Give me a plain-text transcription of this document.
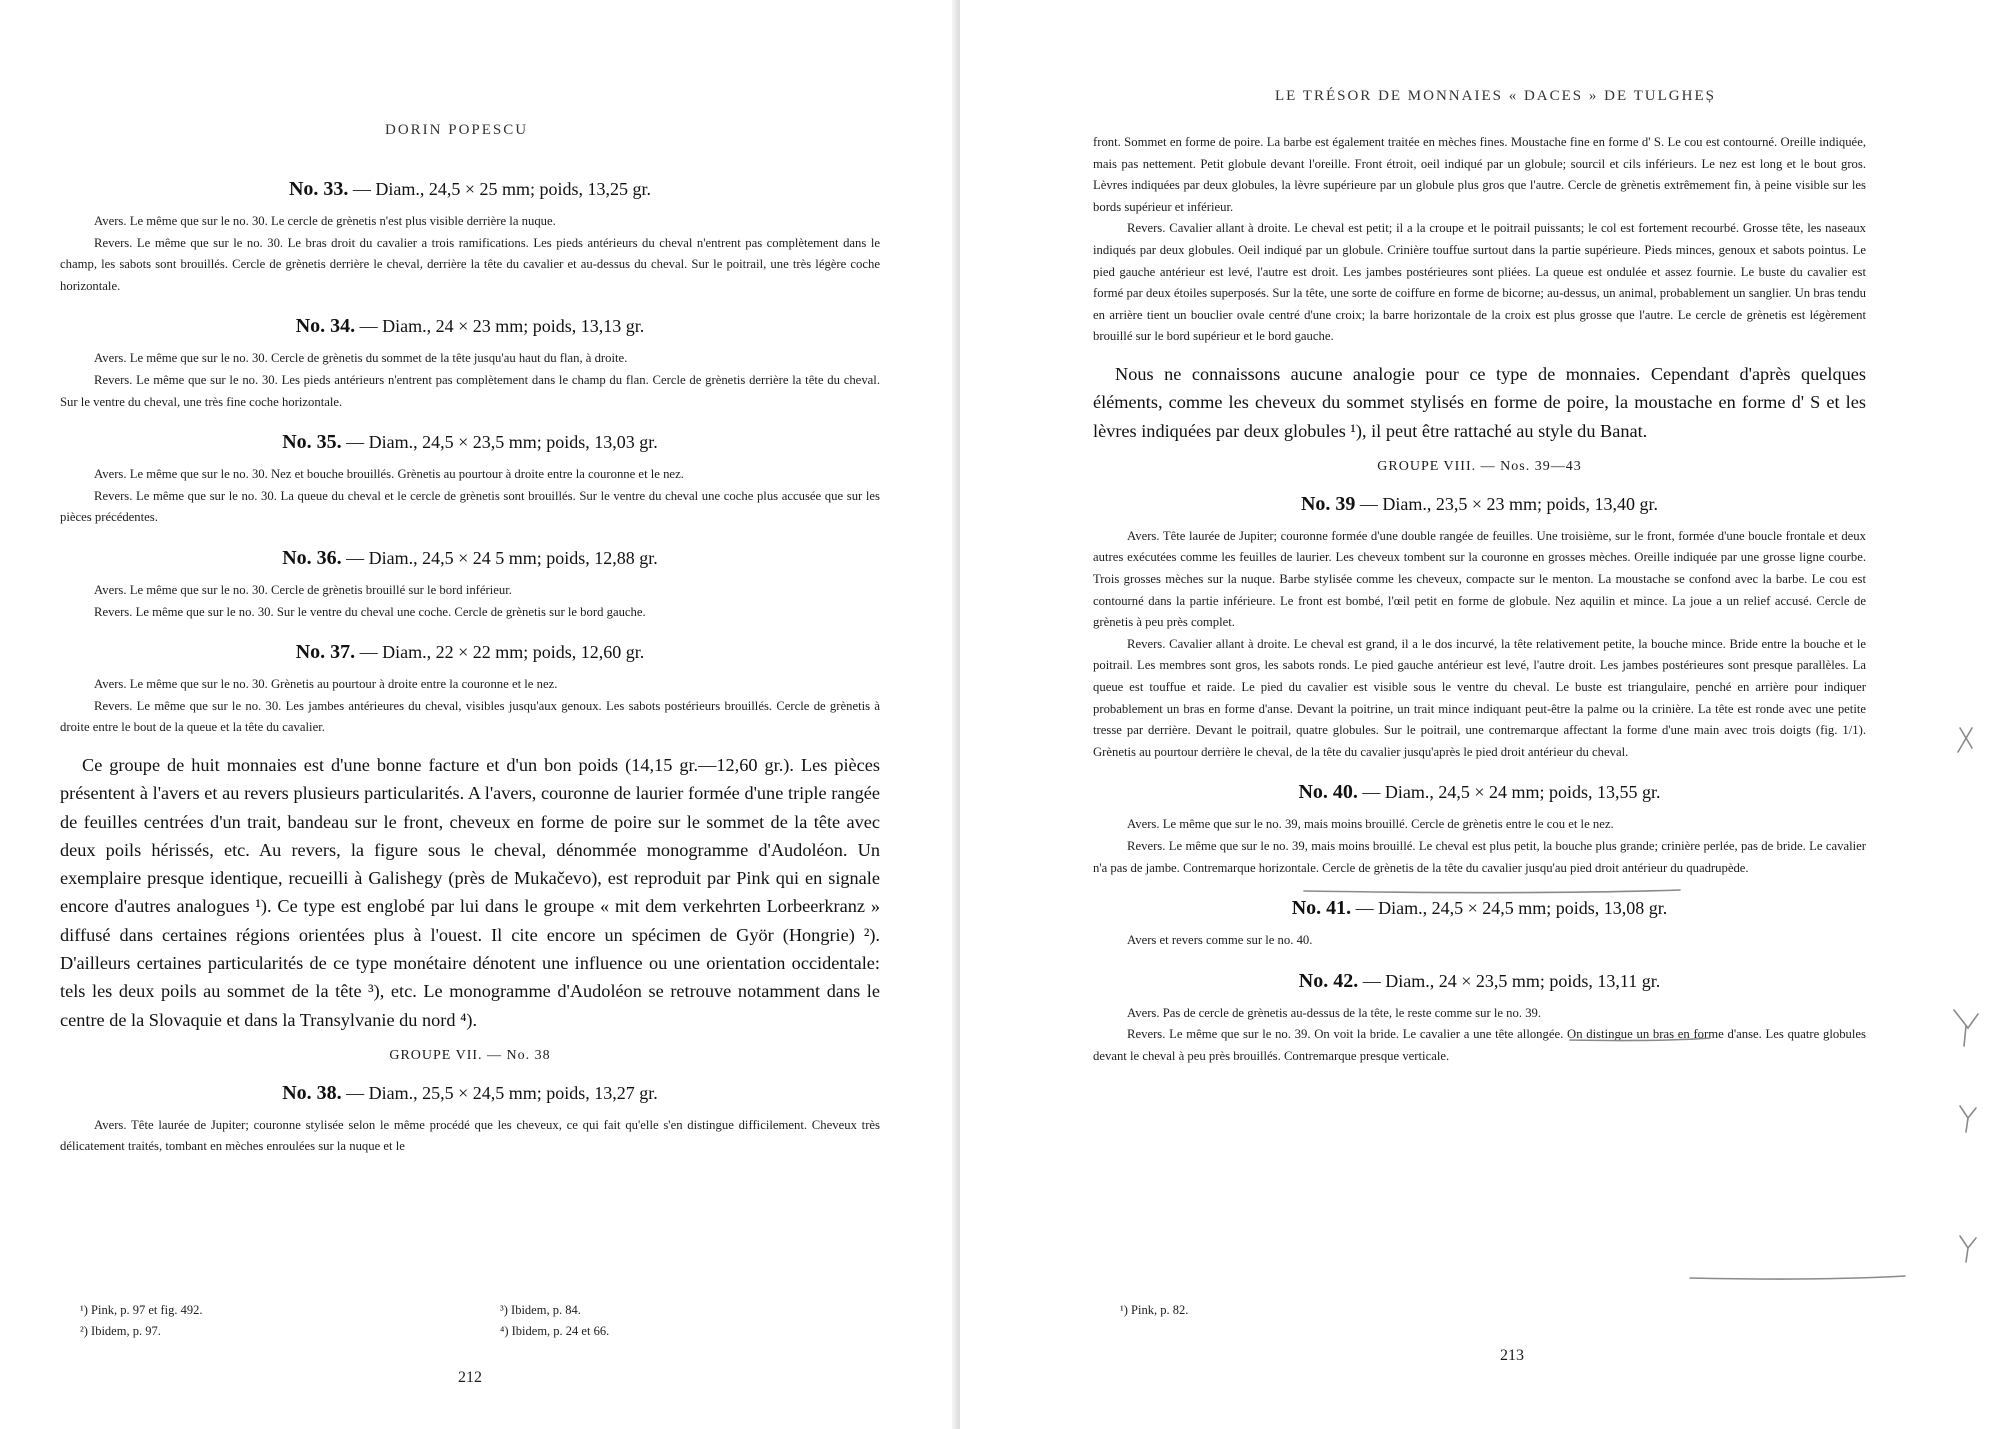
DORIN POPESCU
No. 33. — Diam., 24,5 × 25 mm; poids, 13,25 gr.

Avers. Le même que sur le no. 30. Le cercle de grènetis n'est plus visible derrière la nuque.

Revers. Le même que sur le no. 30. Le bras droit du cavalier a trois ramifications. Les pieds antérieurs du cheval n'entrent pas complètement dans le champ, les sabots sont brouillés. Cercle de grènetis derrière le cheval, derrière la tête du cavalier et au-dessus du cheval. Sur le poitrail, une très légère coche horizontale.

No. 34. — Diam., 24 × 23 mm; poids, 13,13 gr.

Avers. Le même que sur le no. 30. Cercle de grènetis du sommet de la tête jusqu'au haut du flan, à droite.

Revers. Le même que sur le no. 30. Les pieds antérieurs n'entrent pas complètement dans le champ du flan. Cercle de grènetis derrière la tête du cheval. Sur le ventre du cheval, une très fine coche horizontale.

No. 35. — Diam., 24,5 × 23,5 mm; poids, 13,03 gr.

Avers. Le même que sur le no. 30. Nez et bouche brouillés. Grènetis au pourtour à droite entre la couronne et le nez.

Revers. Le même que sur le no. 30. La queue du cheval et le cercle de grènetis sont brouillés. Sur le ventre du cheval une coche plus accusée que sur les pièces précédentes.

No. 36. — Diam., 24,5 × 24 5 mm; poids, 12,88 gr.

Avers. Le même que sur le no. 30. Cercle de grènetis brouillé sur le bord inférieur.

Revers. Le même que sur le no. 30. Sur le ventre du cheval une coche. Cercle de grènetis sur le bord gauche.

No. 37. — Diam., 22 × 22 mm; poids, 12,60 gr.

Avers. Le même que sur le no. 30. Grènetis au pourtour à droite entre la couronne et le nez.

Revers. Le même que sur le no. 30. Les jambes antérieures du cheval, visibles jusqu'aux genoux. Les sabots postérieurs brouillés. Cercle de grènetis à droite entre le bout de la queue et la tête du cavalier.

Ce groupe de huit monnaies est d'une bonne facture et d'un bon poids (14,15 gr.—12,60 gr.). Les pièces présentent à l'avers et au revers plusieurs particularités. A l'avers, couronne de laurier formée d'une triple rangée de feuilles centrées d'un trait, bandeau sur le front, cheveux en forme de poire sur le sommet de la tête avec deux poils hérissés, etc. Au revers, la figure sous le cheval, dénommée monogramme d'Audoléon. Un exemplaire presque identique, recueilli à Galishegy (près de Mukačevo), est reproduit par Pink qui en signale encore d'autres analogues ¹). Ce type est englobé par lui dans le groupe « mit dem verkehrten Lorbeerkranz » diffusé dans certaines régions orientées plus à l'ouest. Il cite encore un spécimen de Györ (Hongrie) ²). D'ailleurs certaines particularités de ce type monétaire dénotent une influence ou une orientation occidentale: tels les deux poils au sommet de la tête ³), etc. Le monogramme d'Audoléon se retrouve notamment dans le centre de la Slovaquie et dans la Transylvanie du nord ⁴).

GROUPE VII. — No. 38
No. 38. — Diam., 25,5 × 24,5 mm; poids, 13,27 gr.

Avers. Tête laurée de Jupiter; couronne stylisée selon le même procédé que les cheveux, ce qui fait qu'elle s'en distingue difficilement. Cheveux très délicatement traités, tombant en mèches enroulées sur la nuque et le

¹) Pink, p. 97 et fig. 492.
²) Ibidem, p. 97.
³) Ibidem, p. 84.
⁴) Ibidem, p. 24 et 66.
212
LE TRÉSOR DE MONNAIES « DACES » DE TULGHEȘ
front. Sommet en forme de poire. La barbe est également traitée en mèches fines. Moustache fine en forme d' S. Le cou est contourné. Oreille indiquée, mais pas nettement. Petit globule devant l'oreille. Front étroit, oeil indiqué par un globule; sourcil et cils inférieurs. Le nez est long et le bout gros. Lèvres indiquées par deux globules, la lèvre supérieure par un globule plus gros que l'autre. Cercle de grènetis extrêmement fin, à peine visible sur les bords supérieur et inférieur.

Revers. Cavalier allant à droite. Le cheval est petit; il a la croupe et le poitrail puissants; le col est fortement recourbé. Grosse tête, les naseaux indiqués par deux globules. Oeil indiqué par un globule. Crinière touffue surtout dans la partie supérieure. Pieds minces, genoux et sabots pointus. Le pied gauche antérieur est levé, l'autre est droit. Les jambes postérieures sont pliées. La queue est ondulée et assez fournie. Le buste du cavalier est formé par deux étoiles superposés. Sur la tête, une sorte de coiffure en forme de bicorne; au-dessus, un animal, probablement un sanglier. Un bras tendu en arrière tient un bouclier ovale centré d'une croix; la barre horizontale de la croix est plus grosse que l'autre. Le cercle de grènetis est légèrement brouillé sur le bord supérieur et le bord gauche.

Nous ne connaissons aucune analogie pour ce type de monnaies. Cependant d'après quelques éléments, comme les cheveux du sommet stylisés en forme de poire, la moustache en forme d' S et les lèvres indiquées par deux globules ¹), il peut être rattaché au style du Banat.

GROUPE VIII. — Nos. 39—43
No. 39 — Diam., 23,5 × 23 mm; poids, 13,40 gr.

Avers. Tête laurée de Jupiter; couronne formée d'une double rangée de feuilles. Une troisième, sur le front, formée d'une boucle frontale et deux autres exécutées comme les feuilles de laurier. Les cheveux tombent sur la couronne en grosses mèches. Oreille indiquée par une grosse ligne courbe. Trois grosses mèches sur la nuque. Barbe stylisée comme les cheveux, compacte sur le menton. La moustache se confond avec la barbe. Le cou est contourné dans la partie inférieure. Le front est bombé, l'œil petit en forme de globule. Nez aquilin et mince. La joue a un relief accusé. Cercle de grènetis à peu près complet.

Revers. Cavalier allant à droite. Le cheval est grand, il a le dos incurvé, la tête relativement petite, la bouche mince. Bride entre la bouche et le poitrail. Les membres sont gros, les sabots ronds. Le pied gauche antérieur est levé, l'autre droit. Les jambes postérieures sont presque parallèles. La queue est touffue et raide. Le pied du cavalier est visible sous le ventre du cheval. Le buste est triangulaire, penché en arrière pour indiquer probablement un bras en forme d'anse. Devant la poitrine, un trait mince indiquant peut-être la palme ou la crinière. La tête est ronde avec une petite tresse par derrière. Devant le poitrail, quatre globules. Sur le poitrail, une contremarque affectant la forme d'une main avec trois doigts (fig. 1/1). Grènetis au pourtour derrière le cheval, de la tête du cavalier jusqu'après le pied droit antérieur du cheval.

No. 40. — Diam., 24,5 × 24 mm; poids, 13,55 gr.

Avers. Le même que sur le no. 39, mais moins brouillé. Cercle de grènetis entre le cou et le nez.

Revers. Le même que sur le no. 39, mais moins brouillé. Le cheval est plus petit, la bouche plus grande; crinière perlée, pas de bride. Le cavalier n'a pas de jambe. Contremarque horizontale. Cercle de grènetis de la tête du cavalier jusqu'au pied droit antérieur du quadrupède.

No. 41. — Diam., 24,5 × 24,5 mm; poids, 13,08 gr.

Avers et revers comme sur le no. 40.

No. 42. — Diam., 24 × 23,5 mm; poids, 13,11 gr.

Avers. Pas de cercle de grènetis au-dessus de la tête, le reste comme sur le no. 39.

Revers. Le même que sur le no. 39. On voit la bride. Le cavalier a une tête allongée. On distingue un bras en forme d'anse. Les quatre globules devant le cheval à peu près brouillés. Contremarque presque verticale.

¹) Pink, p. 82.
213
